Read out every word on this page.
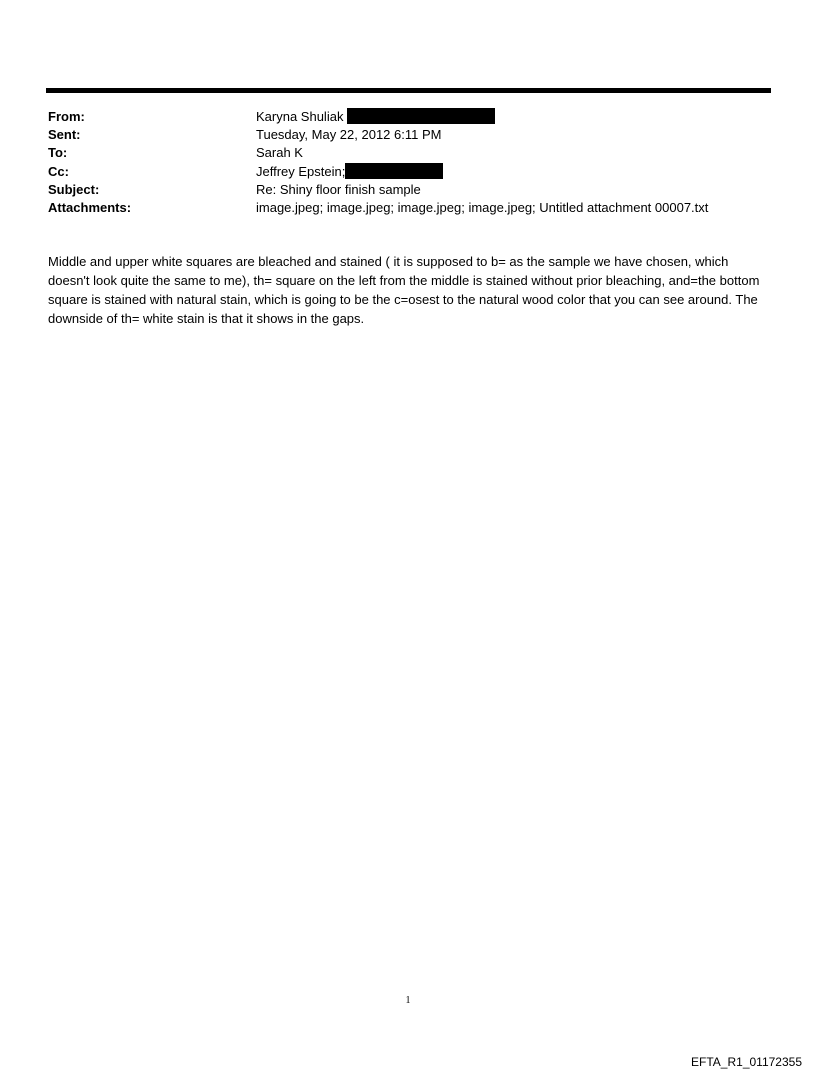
From:	Karyna Shuliak
Sent:	Tuesday, May 22, 2012 6:11 PM
To:	Sarah K
Cc:	Jeffrey Epstein;
Subject:	Re: Shiny floor finish sample
Attachments:	image.jpeg; image.jpeg; image.jpeg; image.jpeg; Untitled attachment 00007.txt
Middle and upper white squares are bleached and stained ( it is supposed to b= as the sample we have chosen, which doesn't look quite the same to me), th= square on the left from the middle is stained without prior bleaching, and=the bottom square is stained with natural stain, which is going to be the c=osest to the natural wood color that you can see around. The downside of th= white stain is that it shows in the gaps.
1
EFTA_R1_01172355
